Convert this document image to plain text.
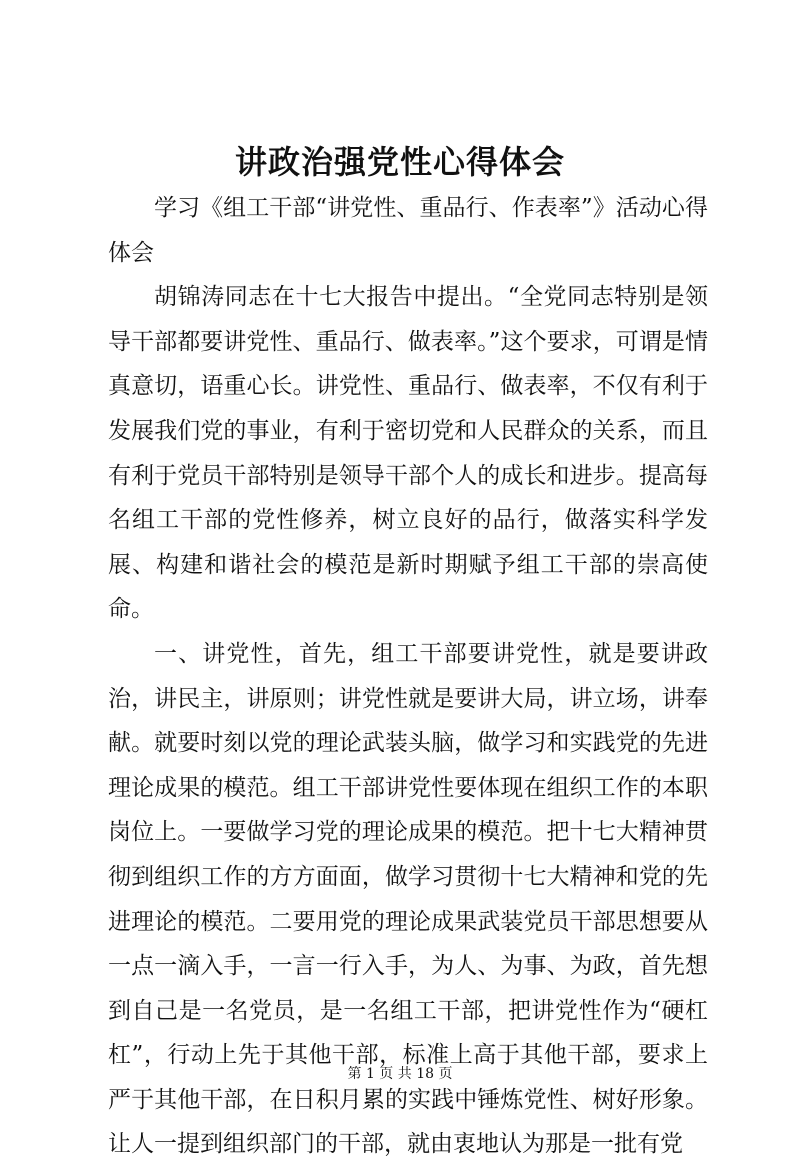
讲政治强党性心得体会

学习《组工干部“讲党性、重品行、作表率”》活动心得体会

胡锦涛同志在十七大报告中提出。“全党同志特别是领导干部都要讲党性、重品行、做表率。”这个要求，可谓是情真意切，语重心长。讲党性、重品行、做表率，不仅有利于发展我们党的事业，有利于密切党和人民群众的关系，而且有利于党员干部特别是领导干部个人的成长和进步。提高每名组工干部的党性修养，树立良好的品行，做落实科学发展、构建和谐社会的模范是新时期赋予组工干部的崇高使命。

一、讲党性，首先，组工干部要讲党性，就是要讲政治，讲民主，讲原则；讲党性就是要讲大局，讲立场，讲奉献。就要时刻以党的理论武装头脑，做学习和实践党的先进理论成果的模范。组工干部讲党性要体现在组织工作的本职岗位上。一要做学习党的理论成果的模范。把十七大精神贯彻到组织工作的方方面面，做学习贯彻十七大精神和党的先进理论的模范。二要用党的理论成果武装党员干部思想要从一点一滴入手，一言一行入手，为人、为事、为政，首先想到自己是一名党员，是一名组工干部，把讲党性作为“硬杠杠”，行动上先于其他干部，标准上高于其他干部，要求上严于其他干部，在日积月累的实践中锤炼党性、树好形象。让人一提到组织部门的干部，就由衷地认为那是一批有党

第 1 页 共 18 页
